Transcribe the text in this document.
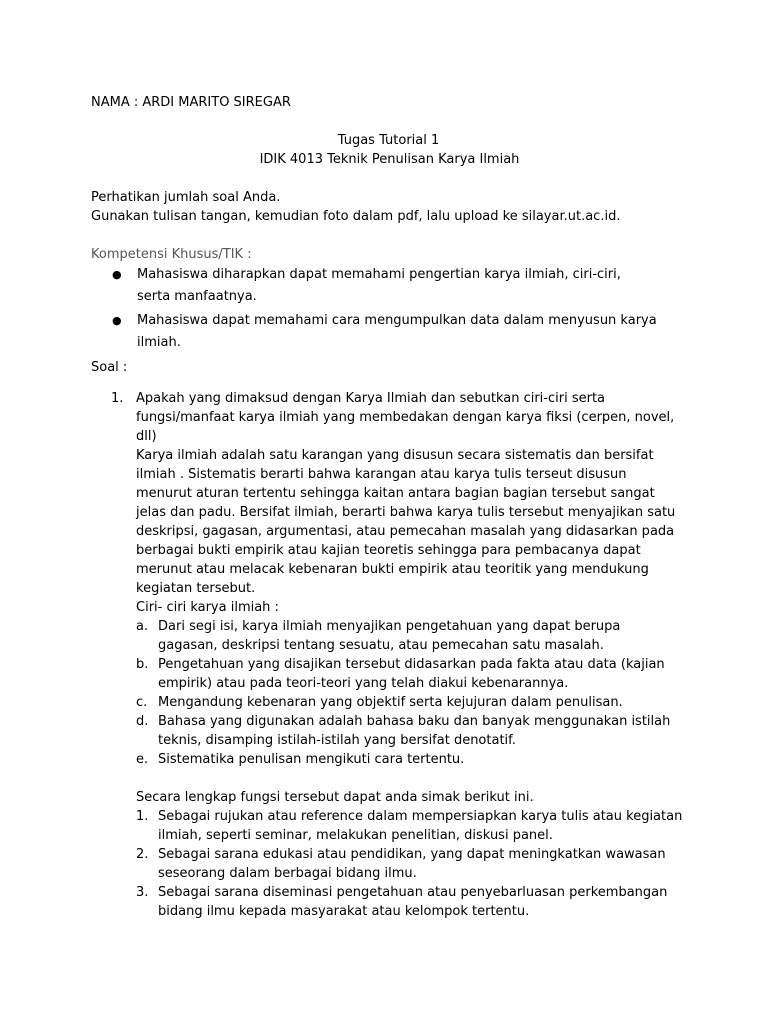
NAMA : ARDI MARITO SIREGAR
Tugas Tutorial 1
IDIK 4013 Teknik Penulisan Karya Ilmiah
Perhatikan jumlah soal Anda.
Gunakan tulisan tangan, kemudian foto dalam pdf, lalu upload ke silayar.ut.ac.id.
Kompetensi Khusus/TIK :
● Mahasiswa diharapkan dapat memahami pengertian karya ilmiah, ciri-ciri, serta manfaatnya.
● Mahasiswa dapat memahami cara mengumpulkan data dalam menyusun karya ilmiah.
Soal :
1. Apakah yang dimaksud dengan Karya Ilmiah dan sebutkan ciri-ciri serta fungsi/manfaat karya ilmiah yang membedakan dengan karya fiksi (cerpen, novel, dll)

Karya ilmiah adalah satu karangan yang disusun secara sistematis dan bersifat ilmiah . Sistematis berarti bahwa karangan atau karya tulis terseut disusun menurut aturan tertentu sehingga kaitan antara bagian bagian tersebut sangat jelas dan padu. Bersifat ilmiah, berarti bahwa karya tulis tersebut menyajikan satu deskripsi, gagasan, argumentasi, atau pemecahan masalah yang didasarkan pada berbagai bukti empirik atau kajian teoretis sehingga para pembacanya dapat merunut atau melacak kebenaran bukti empirik atau teoritik yang mendukung kegiatan tersebut.

Ciri- ciri karya ilmiah :

a. Dari segi isi, karya ilmiah menyajikan pengetahuan yang dapat berupa gagasan, deskripsi tentang sesuatu, atau pemecahan satu masalah.
b. Pengetahuan yang disajikan tersebut didasarkan pada fakta atau data (kajian empirik) atau pada teori-teori yang telah diakui kebenarannya.
c. Mengandung kebenaran yang objektif serta kejujuran dalam penulisan.
d. Bahasa yang digunakan adalah bahasa baku dan banyak menggunakan istilah teknis, disamping istilah-istilah yang bersifat denotatif.
e. Sistematika penulisan mengikuti cara tertentu.

Secara lengkap fungsi tersebut dapat anda simak berikut ini.

1. Sebagai rujukan atau reference dalam mempersiapkan karya tulis atau kegiatan ilmiah, seperti seminar, melakukan penelitian, diskusi panel.
2. Sebagai sarana edukasi atau pendidikan, yang dapat meningkatkan wawasan seseorang dalam berbagai bidang ilmu.
3. Sebagai sarana diseminasi pengetahuan atau penyebarluasan perkembangan bidang ilmu kepada masyarakat atau kelompok tertentu.
